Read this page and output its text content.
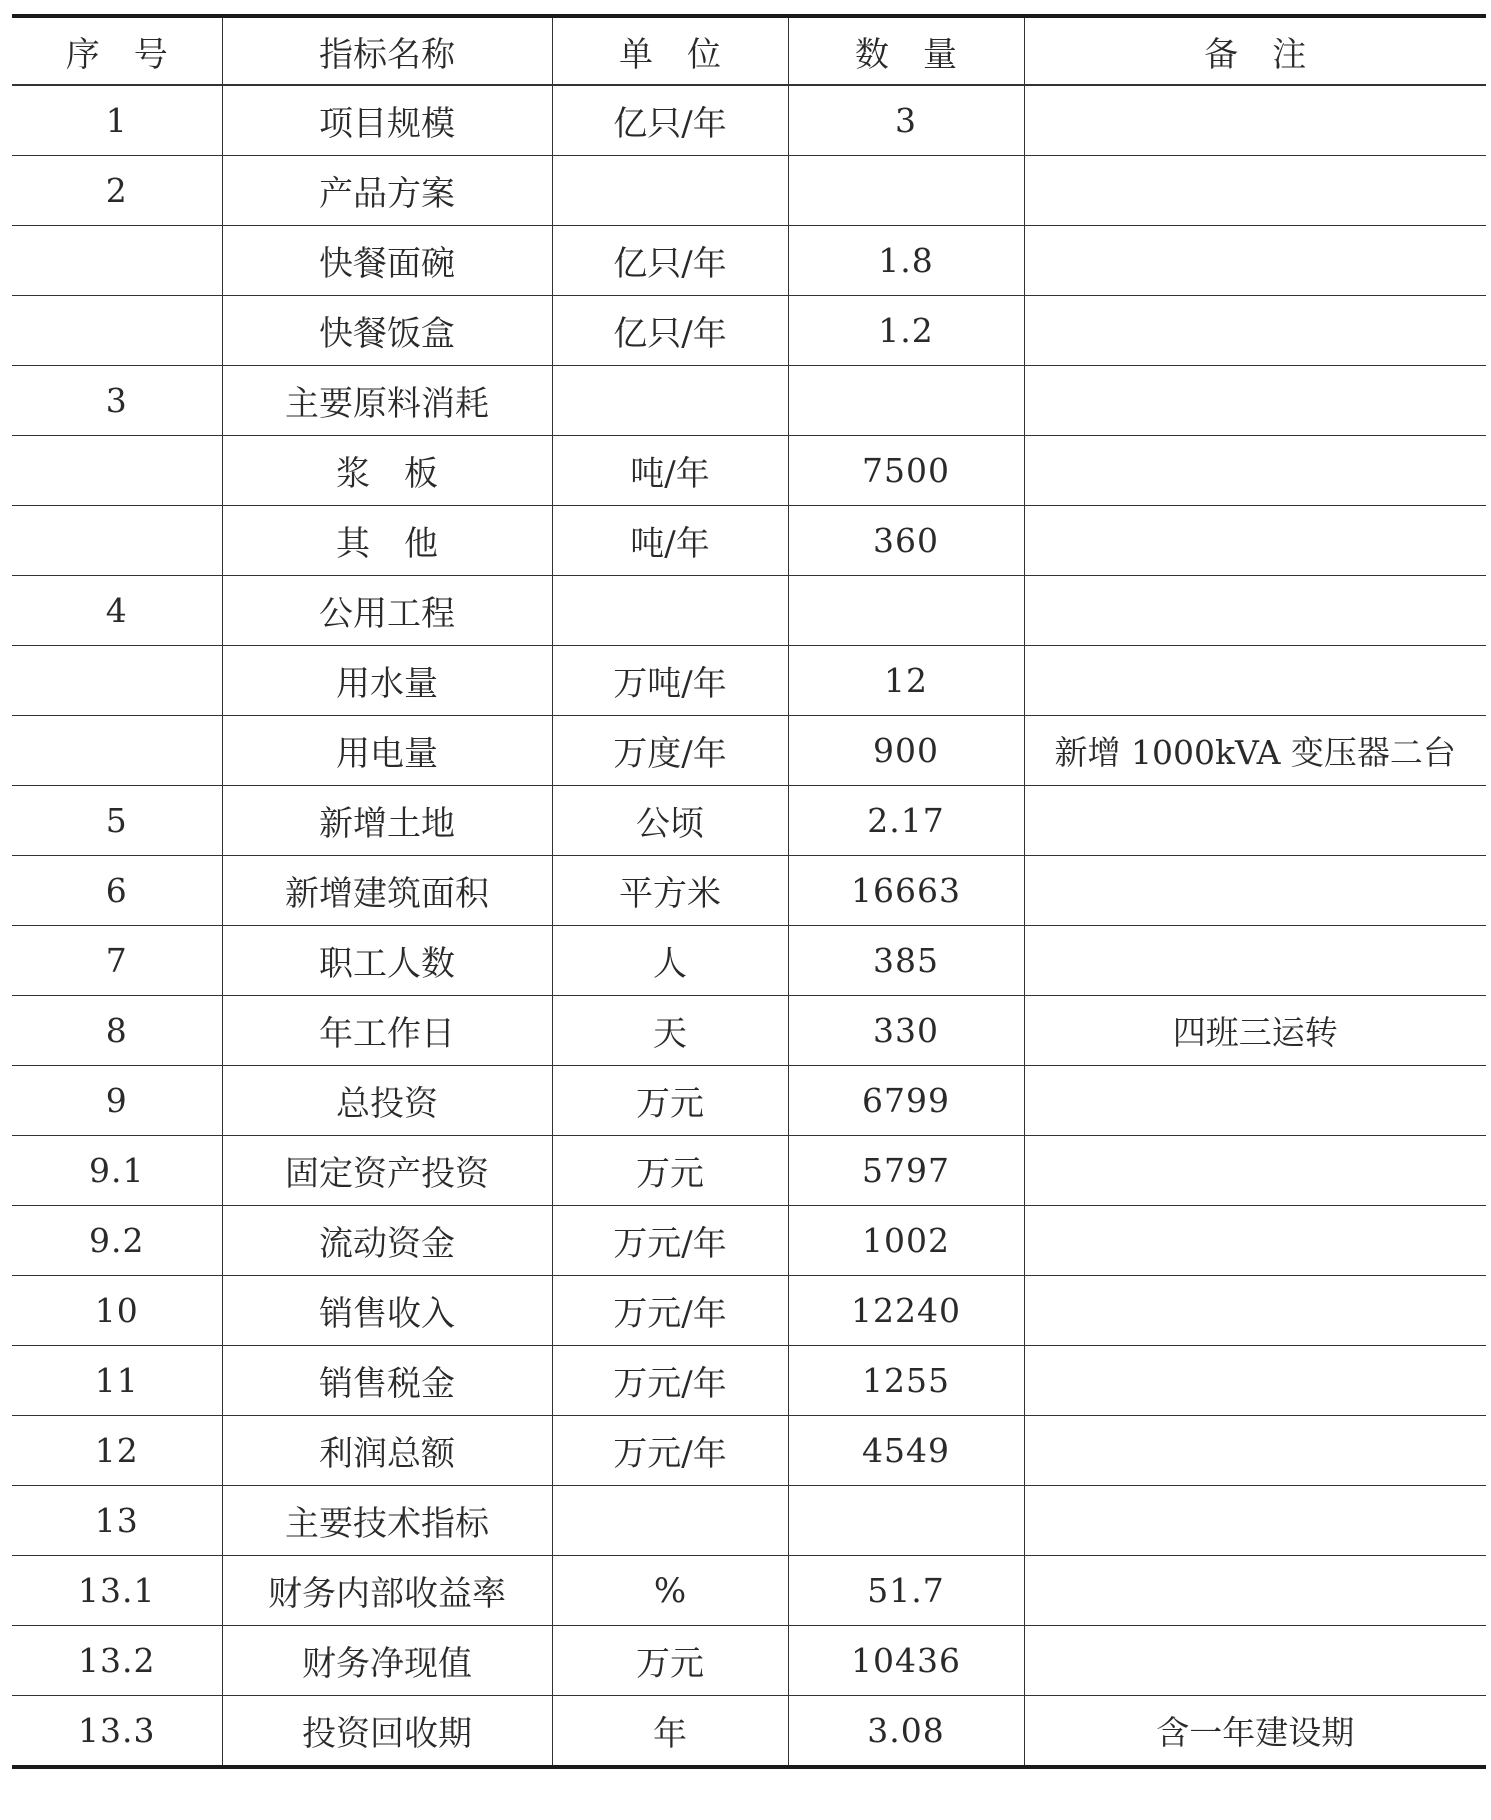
序　号	指标名称	单　位	数　量	备　注
1	项目规模	亿只/年	3	
2	产品方案			
	快餐面碗	亿只/年	1.8	
	快餐饭盒	亿只/年	1.2	
3	主要原料消耗			
	浆　板	吨/年	7500	
	其　他	吨/年	360	
4	公用工程			
	用水量	万吨/年	12	
	用电量	万度/年	900	新增 1000kVA 变压器二台
5	新增土地	公顷	2.17	
6	新增建筑面积	平方米	16663	
7	职工人数	人	385	
8	年工作日	天	330	四班三运转
9	总投资	万元	6799	
9.1	固定资产投资	万元	5797	
9.2	流动资金	万元/年	1002	
10	销售收入	万元/年	12240	
11	销售税金	万元/年	1255	
12	利润总额	万元/年	4549	
13	主要技术指标			
13.1	财务内部收益率	%	51.7	
13.2	财务净现值	万元	10436	
13.3	投资回收期	年	3.08	含一年建设期
